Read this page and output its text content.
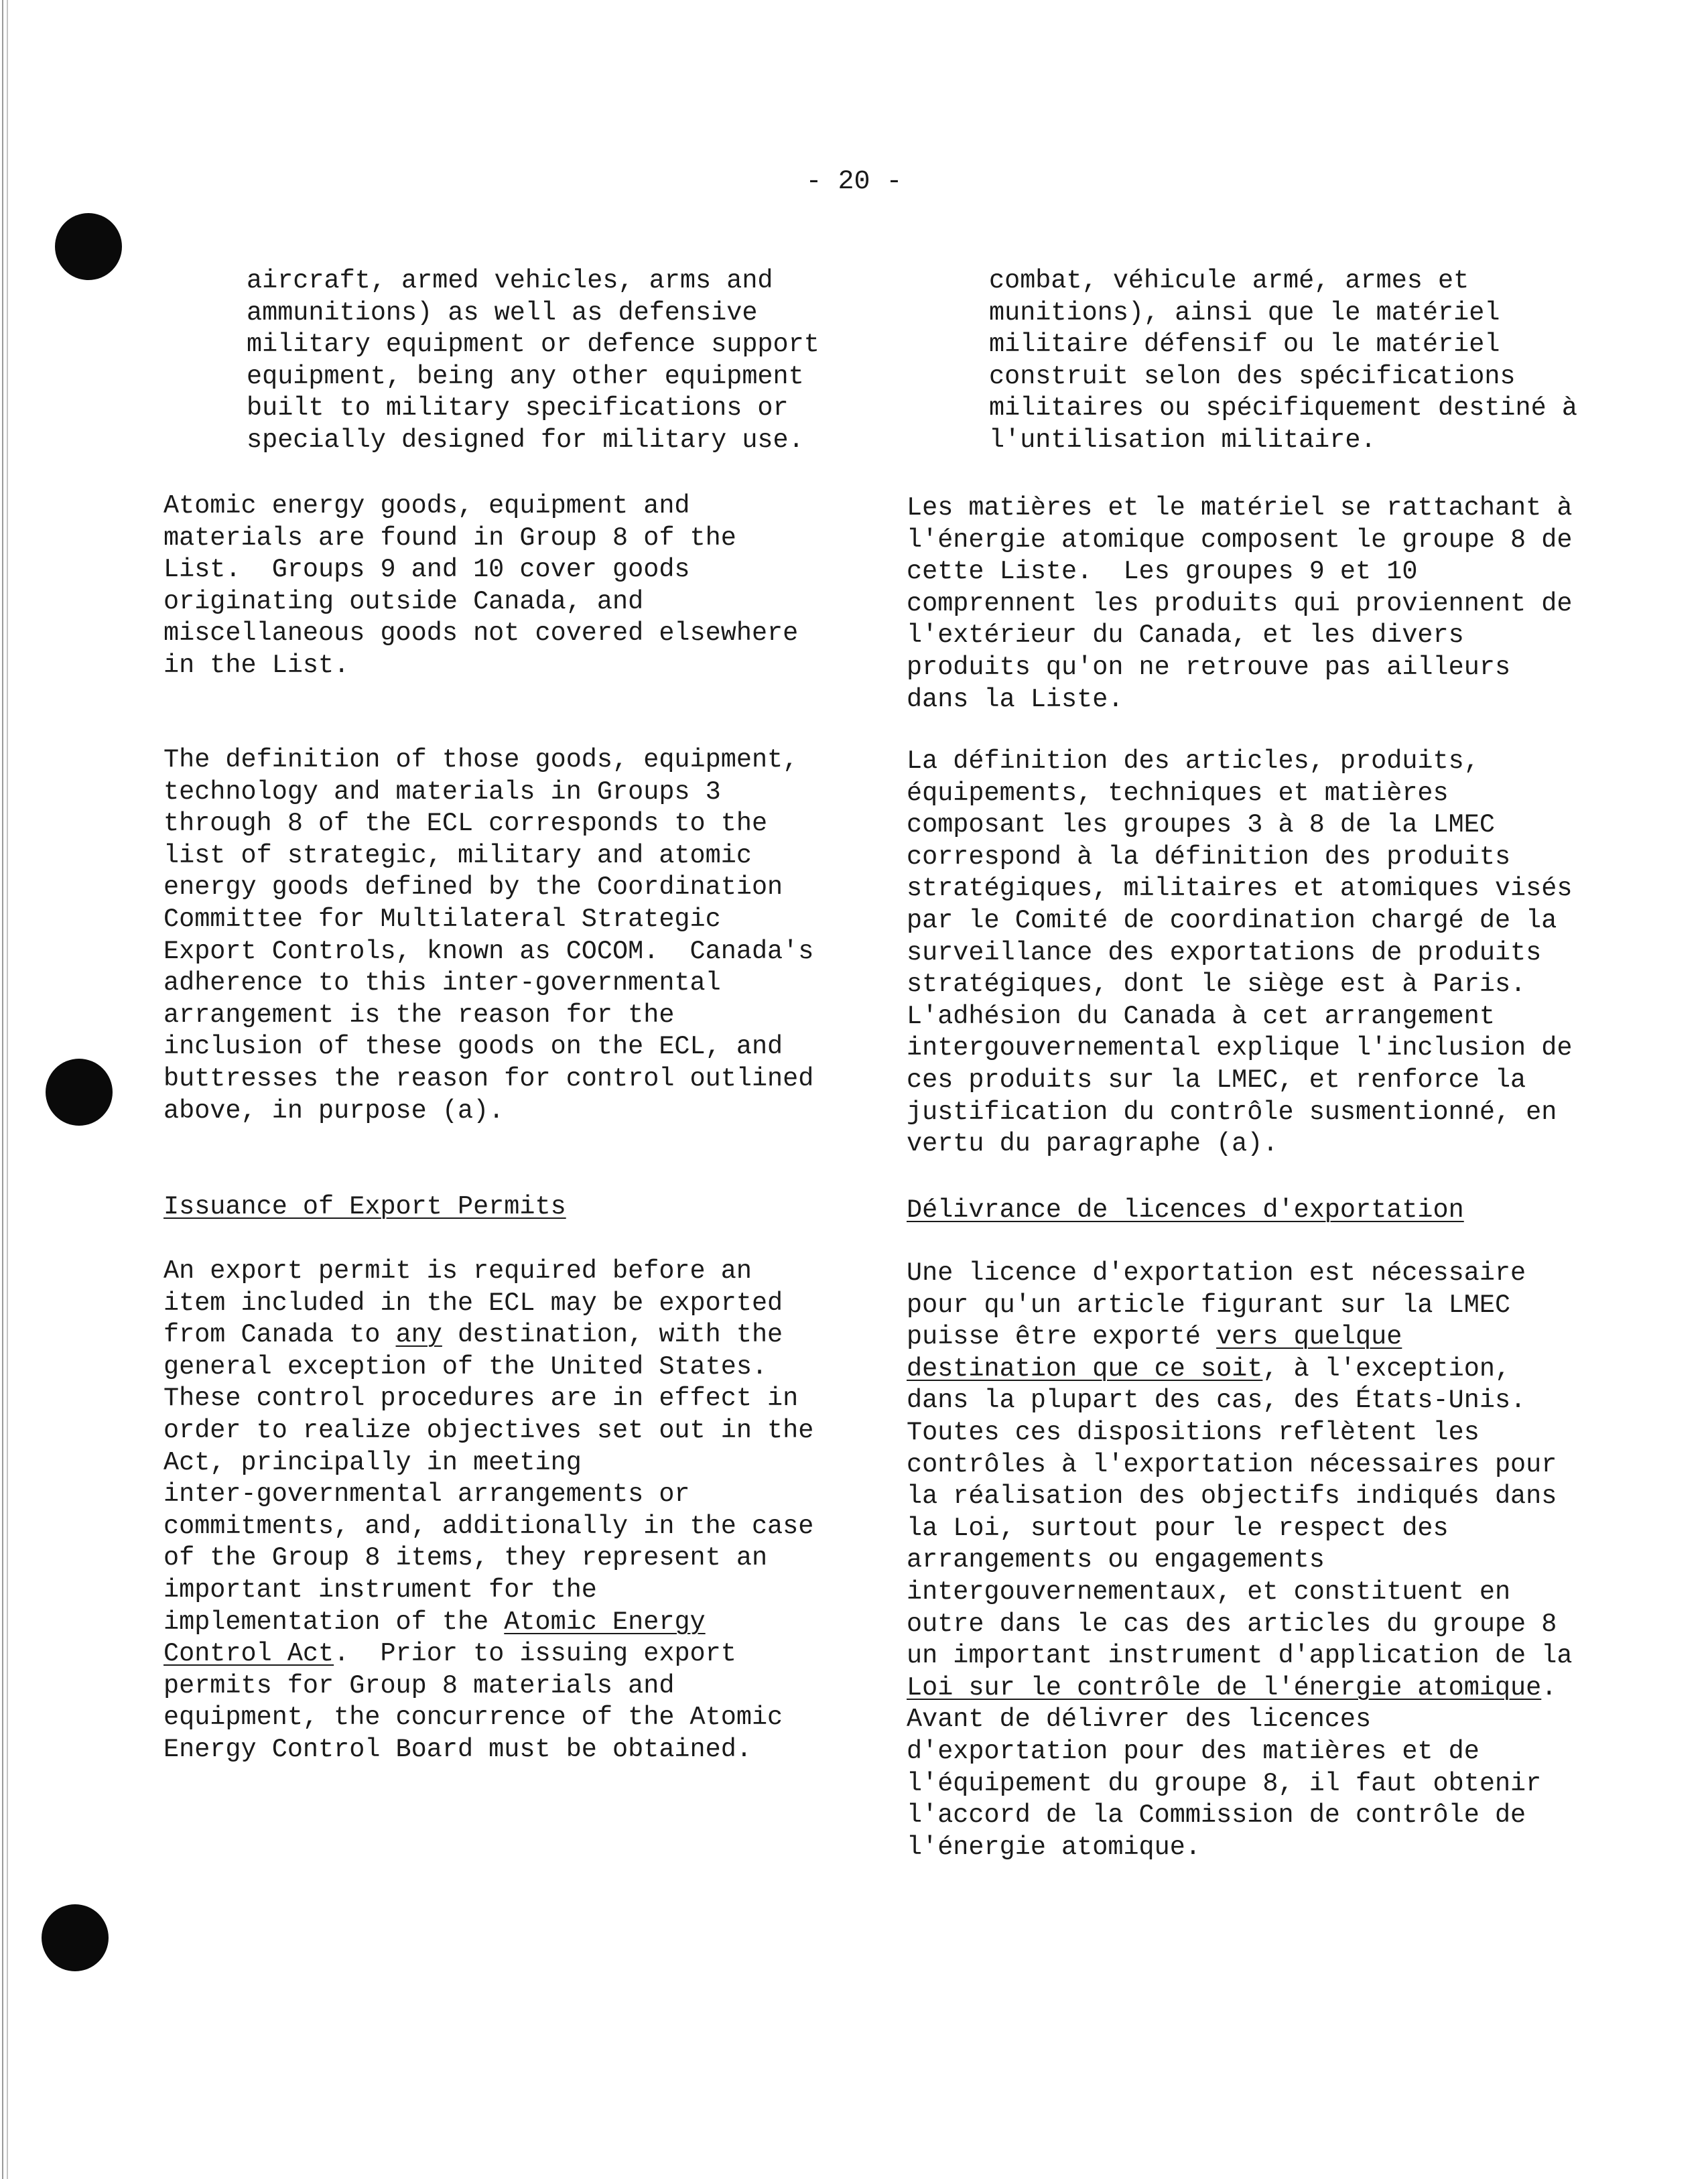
- 20 -

aircraft, armed vehicles, arms and
ammunitions) as well as defensive
military equipment or defence support
equipment, being any other equipment
built to military specifications or
specially designed for military use.

Atomic energy goods, equipment and
materials are found in Group 8 of the
List.  Groups 9 and 10 cover goods
originating outside Canada, and
miscellaneous goods not covered elsewhere
in the List.

The definition of those goods, equipment,
technology and materials in Groups 3
through 8 of the ECL corresponds to the
list of strategic, military and atomic
energy goods defined by the Coordination
Committee for Multilateral Strategic
Export Controls, known as COCOM.  Canada's
adherence to this inter-governmental
arrangement is the reason for the
inclusion of these goods on the ECL, and
buttresses the reason for control outlined
above, in purpose (a).

Issuance of Export Permits

An export permit is required before an
item included in the ECL may be exported
from Canada to any destination, with the
general exception of the United States.
These control procedures are in effect in
order to realize objectives set out in the
Act, principally in meeting
inter-governmental arrangements or
commitments, and, additionally in the case
of the Group 8 items, they represent an
important instrument for the
implementation of the Atomic Energy
Control Act.  Prior to issuing export
permits for Group 8 materials and
equipment, the concurrence of the Atomic
Energy Control Board must be obtained.

combat, véhicule armé, armes et
munitions), ainsi que le matériel
militaire défensif ou le matériel
construit selon des spécifications
militaires ou spécifiquement destiné à
l'untilisation militaire.

Les matières et le matériel se rattachant à
l'énergie atomique composent le groupe 8 de
cette Liste.  Les groupes 9 et 10
comprennent les produits qui proviennent de
l'extérieur du Canada, et les divers
produits qu'on ne retrouve pas ailleurs
dans la Liste.

La définition des articles, produits,
équipements, techniques et matières
composant les groupes 3 à 8 de la LMEC
correspond à la définition des produits
stratégiques, militaires et atomiques visés
par le Comité de coordination chargé de la
surveillance des exportations de produits
stratégiques, dont le siège est à Paris.
L'adhésion du Canada à cet arrangement
intergouvernemental explique l'inclusion de
ces produits sur la LMEC, et renforce la
justification du contrôle susmentionné, en
vertu du paragraphe (a).

Délivrance de licences d'exportation

Une licence d'exportation est nécessaire
pour qu'un article figurant sur la LMEC
puisse être exporté vers quelque
destination que ce soit, à l'exception,
dans la plupart des cas, des États-Unis.
Toutes ces dispositions reflètent les
contrôles à l'exportation nécessaires pour
la réalisation des objectifs indiqués dans
la Loi, surtout pour le respect des
arrangements ou engagements
intergouvernementaux, et constituent en
outre dans le cas des articles du groupe 8
un important instrument d'application de la
Loi sur le contrôle de l'énergie atomique.
Avant de délivrer des licences
d'exportation pour des matières et de
l'équipement du groupe 8, il faut obtenir
l'accord de la Commission de contrôle de
l'énergie atomique.
